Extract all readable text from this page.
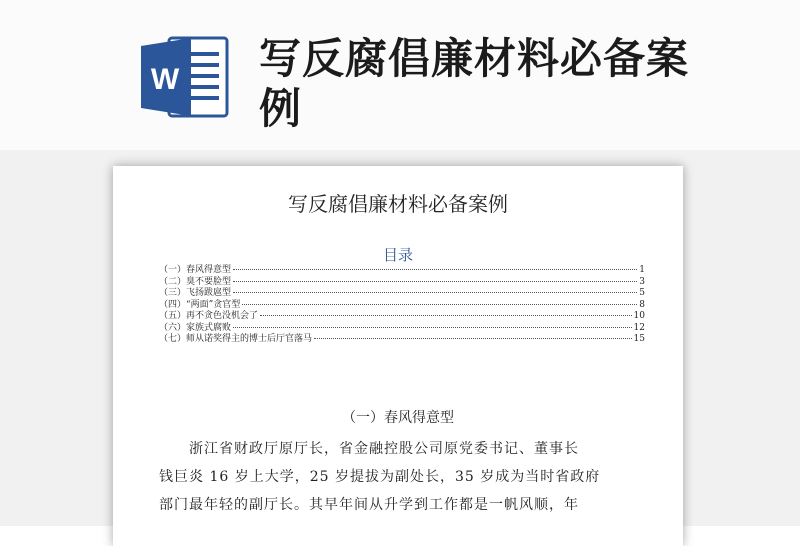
W 写反腐倡廉材料必备案例
写反腐倡廉材料必备案例
目录
（一）春风得意型	1
（二）臭不要脸型	3
（三）飞扬跋扈型	5
（四）“两面”贪官型	8
（五）再不贪色没机会了	10
（六）家族式腐败	12
（七）师从诺奖得主的博士后厅官落马	15
（一）春风得意型
　　浙江省财政厅原厅长，省金融控股公司原党委书记、董事长
钱巨炎 16 岁上大学，25 岁提拔为副处长，35 岁成为当时省政府
部门最年轻的副厅长。其早年间从升学到工作都是一帆风顺，年
